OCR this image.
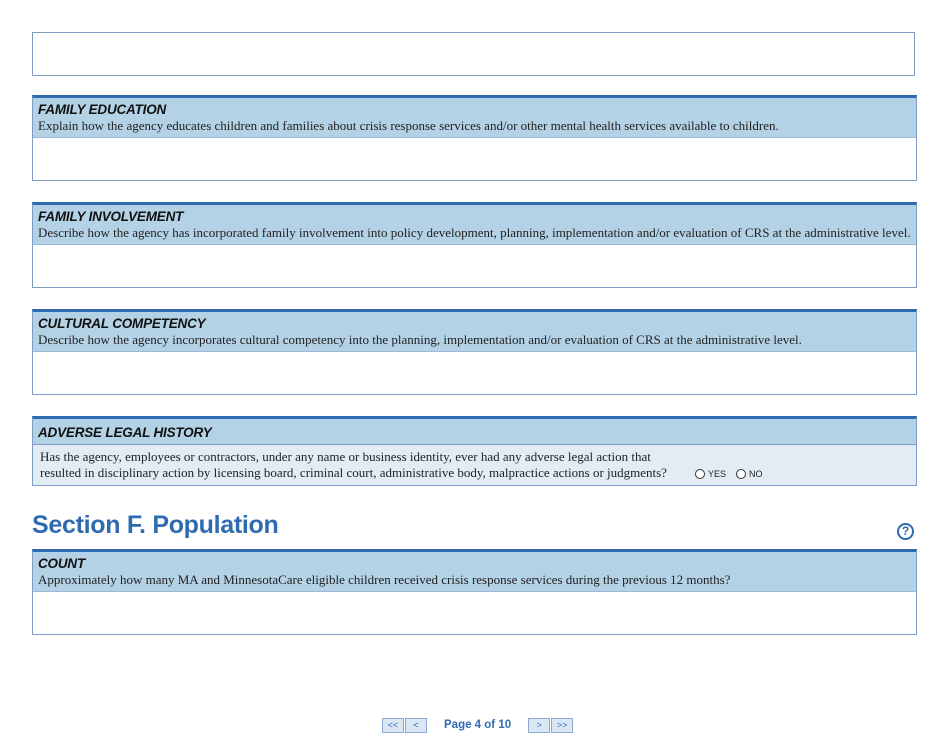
FAMILY EDUCATION
Explain how the agency educates children and families about crisis response services and/or other mental health services available to children.
FAMILY INVOLVEMENT
Describe how the agency has incorporated family involvement into policy development, planning, implementation and/or evaluation of CRS at the administrative level.
CULTURAL COMPETENCY
Describe how the agency incorporates cultural competency into the planning, implementation and/or evaluation of CRS at the administrative level.
ADVERSE LEGAL HISTORY
Has the agency, employees or contractors, under any name or business identity, ever had any adverse legal action that
resulted in disciplinary action by licensing board, criminal court, administrative body, malpractice actions or judgments?	YES	NO
Section F. Population	?
COUNT
Approximately how many MA and MinnesotaCare eligible children received crisis response services during the previous 12 months?
<<	<	Page 4 of 10	>	>>
